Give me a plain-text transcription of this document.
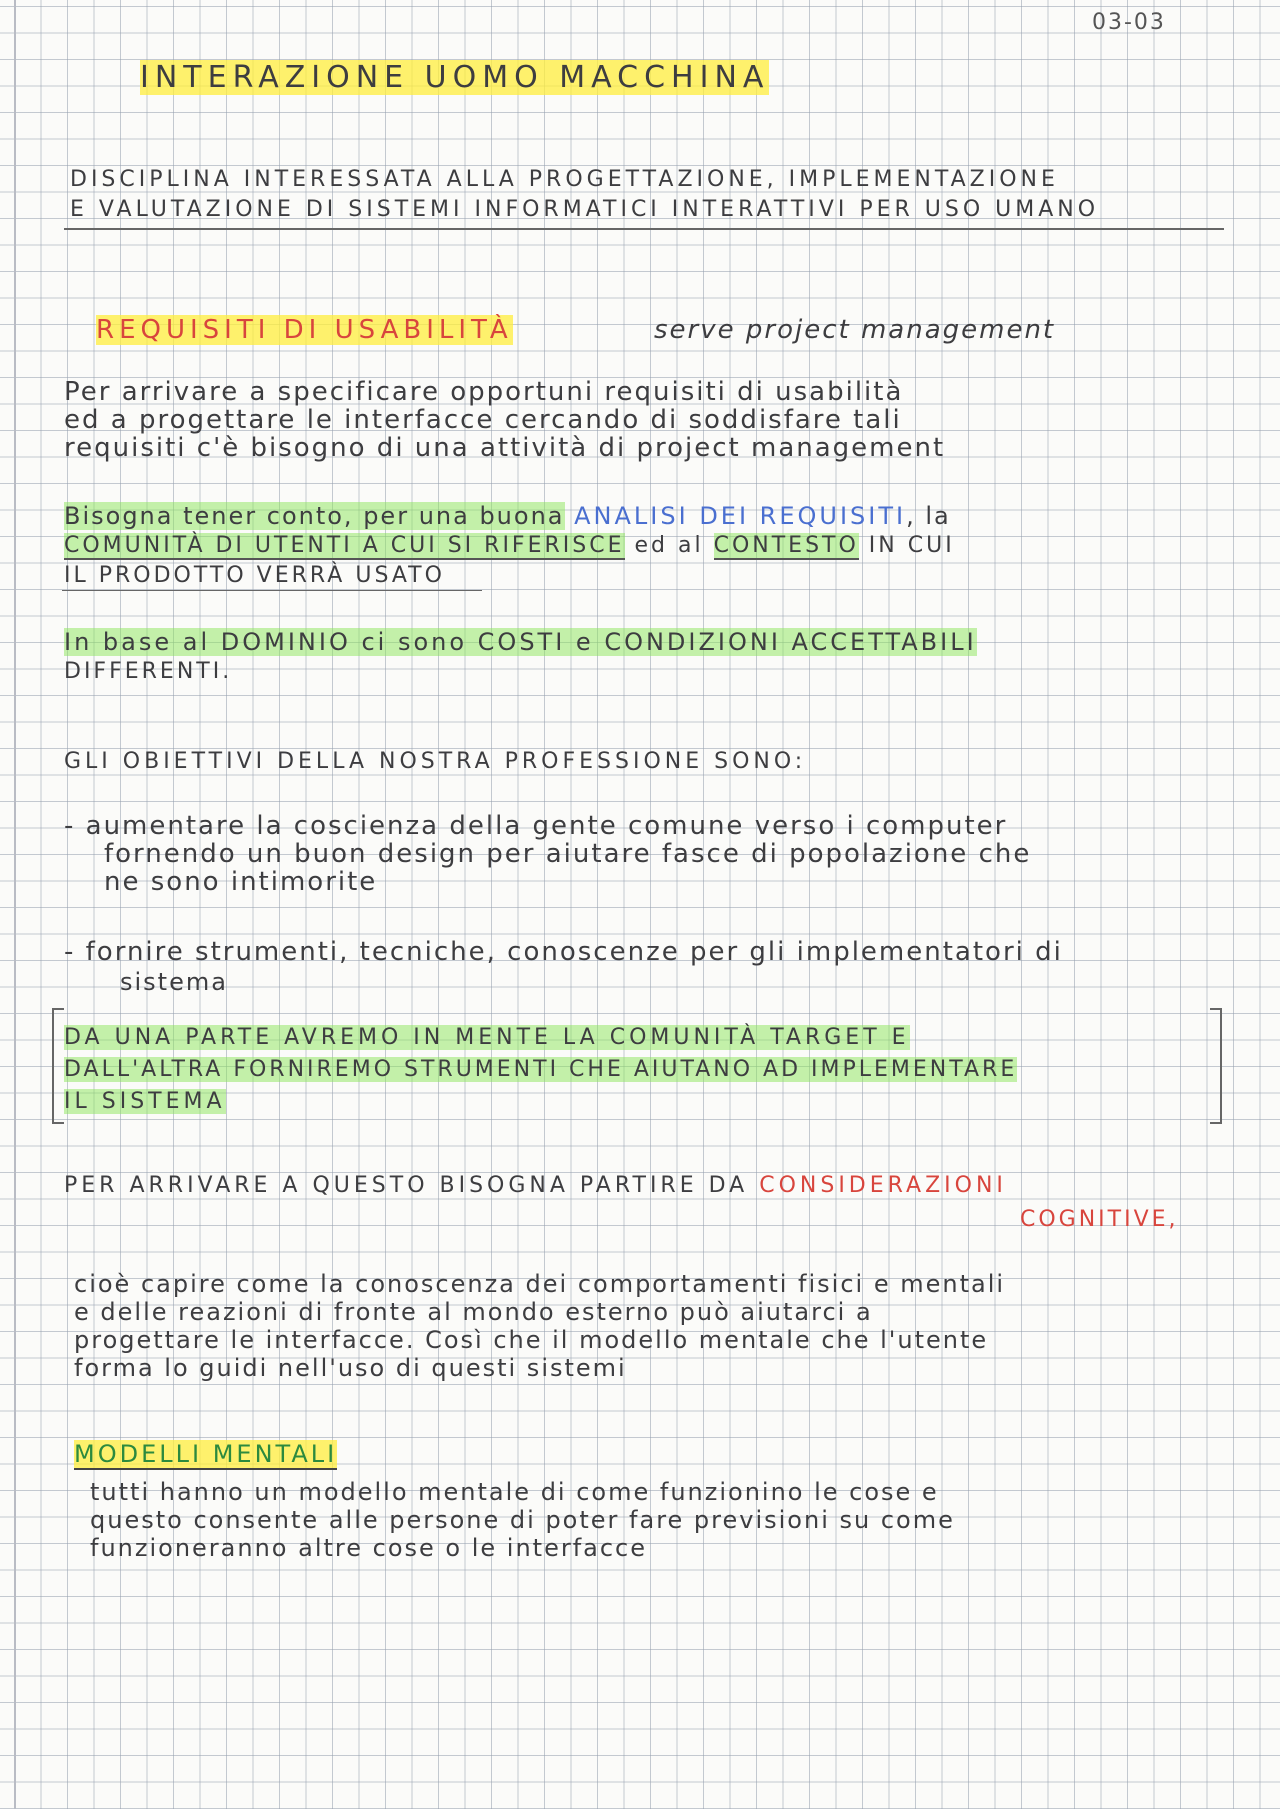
03-03
INTERAZIONE UOMO MACCHINA
DISCIPLINA INTERESSATA ALLA PROGETTAZIONE, IMPLEMENTAZIONE
E VALUTAZIONE DI SISTEMI INFORMATICI INTERATTIVI PER USO UMANO
REQUISITI DI USABILITÀ	serve project management
Per arrivare a specificare opportuni requisiti di usabilità
ed a progettare le interfacce cercando di soddisfare tali
requisiti c'è bisogno di una attività di project management
Bisogna tener conto, per una buona ANALISI DEI REQUISITI, la
COMUNITÀ DI UTENTI A CUI SI RIFERISCE ed al CONTESTO IN CUI
IL PRODOTTO VERRÀ USATO
In base al DOMINIO ci sono COSTI e CONDIZIONI ACCETTABILI
DIFFERENTI.
GLI OBIETTIVI DELLA NOSTRA PROFESSIONE SONO:
- aumentare la coscienza della gente comune verso i computer
fornendo un buon design per aiutare fasce di popolazione che
ne sono intimorite
- fornire strumenti, tecniche, conoscenze per gli implementatori di
sistema
DA UNA PARTE AVREMO IN MENTE LA COMUNITÀ TARGET E
DALL'ALTRA FORNIREMO STRUMENTI CHE AIUTANO AD IMPLEMENTARE
IL SISTEMA
PER ARRIVARE A QUESTO BISOGNA PARTIRE DA CONSIDERAZIONI
COGNITIVE,
cioè capire come la conoscenza dei comportamenti fisici e mentali
e delle reazioni di fronte al mondo esterno può aiutarci a
progettare le interfacce. Così che il modello mentale che l'utente
forma lo guidi nell'uso di questi sistemi
MODELLI MENTALI
tutti hanno un modello mentale di come funzionino le cose e
questo consente alle persone di poter fare previsioni su come
funzioneranno altre cose o le interfacce
